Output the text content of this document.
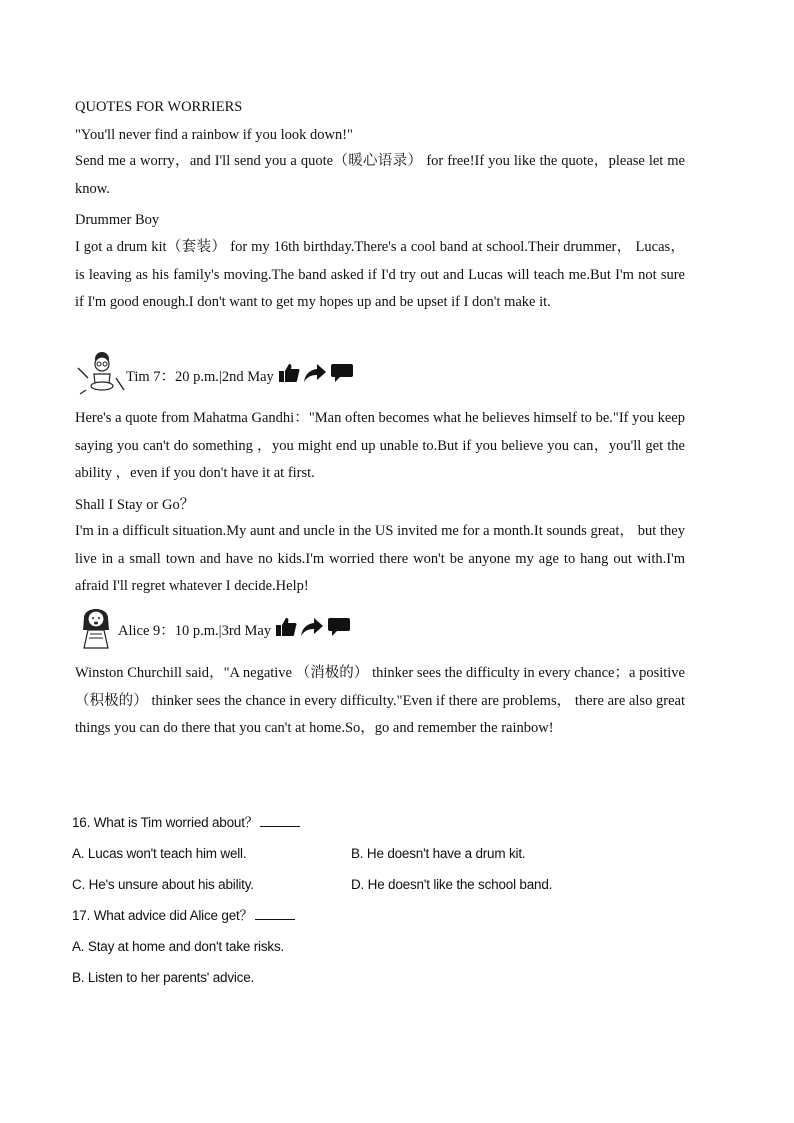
QUOTES FOR WORRIERS
"You'll never find a rainbow if you look down!"
Send me a worry，and I'll send you a quote（暖心语录） for free!If you like the quote，please let me know.
Drummer Boy
I got a drum kit（套装） for my 16th birthday.There's a cool band at school.Their drummer， Lucas，is leaving as his family's moving.The band asked if I'd try out and Lucas will teach me.But I'm not sure if I'm good enough.I don't want to get my hopes up and be upset if I don't make it.
Tim 7：20 p.m.|2nd May
Here's a quote from Mahatma Gandhi："Man often becomes what he believes himself to be."If you keep saying you can't do something ，you might end up unable to.But if you believe you can，you'll get the ability ，even if you don't have it at first.
Shall I Stay or Go？
I'm in a difficult situation.My aunt and uncle in the US invited me for a month.It sounds great， but they live in a small town and have no kids.I'm worried there won't be anyone my age to hang out with.I'm afraid I'll regret whatever I decide.Help!
Alice 9：10 p.m.|3rd May
Winston Churchill said，"A negative （消极的） thinker sees the difficulty in every chance；a positive （积极的） thinker sees the chance in every difficulty."Even if there are problems， there are also great things you can do there that you can't at home.So，go and remember the rainbow!
16. What is Tim worried about？
A. Lucas won't teach him well.	B. He doesn't have a drum kit.
C. He's unsure about his ability.	D. He doesn't like the school band.
17. What advice did Alice get？
A. Stay at home and don't take risks.
B. Listen to her parents' advice.
